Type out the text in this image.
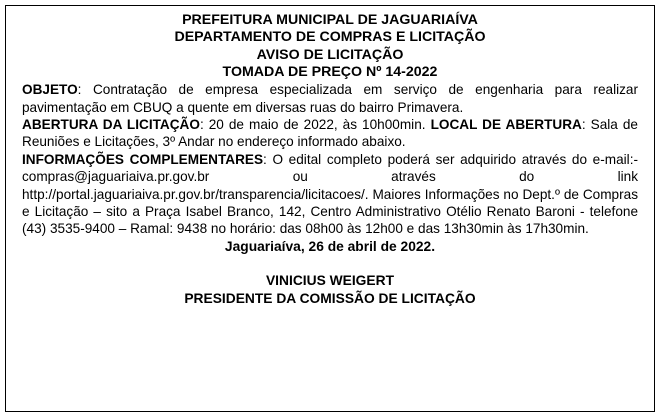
PREFEITURA MUNICIPAL DE JAGUARIAÍVA
DEPARTAMENTO DE COMPRAS E LICITAÇÃO
AVISO DE LICITAÇÃO
TOMADA DE PREÇO Nº 14-2022

OBJETO: Contratação de empresa especializada em serviço de engenharia para realizar pavimentação em CBUQ a quente em diversas ruas do bairro Primavera.

ABERTURA DA LICITAÇÃO: 20 de maio de 2022, às 10h00min. LOCAL DE ABERTURA: Sala de Reuniões e Licitações, 3º Andar no endereço informado abaixo.

INFORMAÇÕES COMPLEMENTARES: O edital completo poderá ser adquirido através do e-mail:- compras@jaguariaiva.pr.gov.br ou através do link http://portal.jaguariaiva.pr.gov.br/transparencia/licitacoes/. Maiores Informações no Dept.º de Compras e Licitação – sito a Praça Isabel Branco, 142, Centro Administrativo Otélio Renato Baroni - telefone (43) 3535-9400 – Ramal: 9438 no horário: das 08h00 às 12h00 e das 13h30min às 17h30min.

Jaguariaíva, 26 de abril de 2022.
VINICIUS WEIGERT
PRESIDENTE DA COMISSÃO DE LICITAÇÃO
